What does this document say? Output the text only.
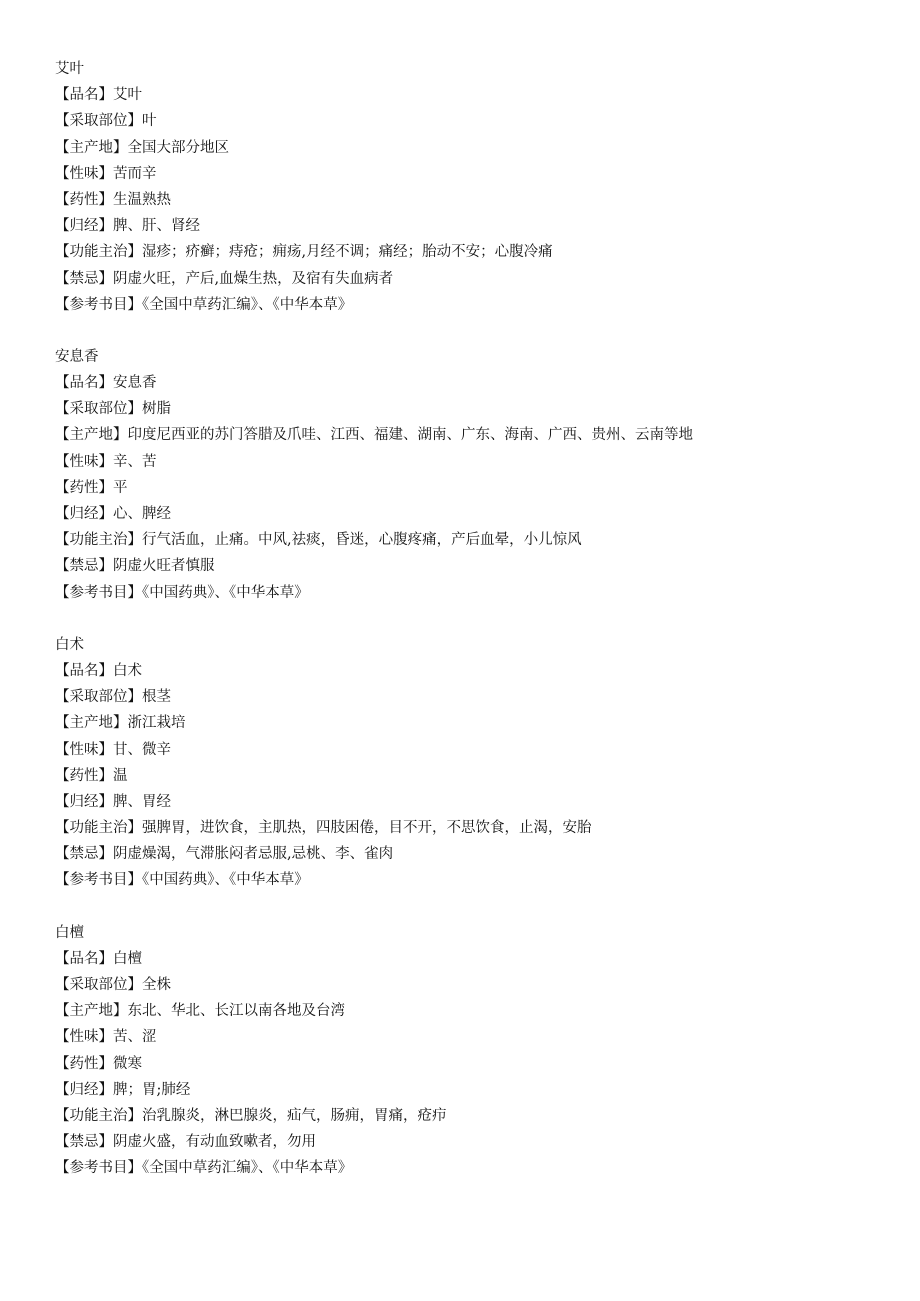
艾叶
【品名】艾叶
【采取部位】叶
【主产地】全国大部分地区
【性味】苦而辛
【药性】生温熟热
【归经】脾、肝、肾经
【功能主治】湿疹；疥癣；痔疮；痈疡,月经不调；痛经；胎动不安；心腹冷痛
【禁忌】阴虚火旺，产后,血燥生热，及宿有失血病者
【参考书目】《全国中草药汇编》、《中华本草》
安息香
【品名】安息香
【采取部位】树脂
【主产地】印度尼西亚的苏门答腊及爪哇、江西、福建、湖南、广东、海南、广西、贵州、云南等地
【性味】辛、苦
【药性】平
【归经】心、脾经
【功能主治】行气活血，止痛。中风,祛痰，昏迷，心腹疼痛，产后血晕，小儿惊风
【禁忌】阴虚火旺者慎服
【参考书目】《中国药典》、《中华本草》
白术
【品名】白术
【采取部位】根茎
【主产地】浙江栽培
【性味】甘、微辛
【药性】温
【归经】脾、胃经
【功能主治】强脾胃，进饮食，主肌热，四肢困倦，目不开，不思饮食，止渴，安胎
【禁忌】阴虚燥渴，气滞胀闷者忌服,忌桃、李、雀肉
【参考书目】《中国药典》、《中华本草》
白檀
【品名】白檀
【采取部位】全株
【主产地】东北、华北、长江以南各地及台湾
【性味】苦、涩
【药性】微寒
【归经】脾；胃;肺经
【功能主治】治乳腺炎，淋巴腺炎，疝气，肠痈，胃痛，疮疖
【禁忌】阴虚火盛，有动血致嗽者，勿用
【参考书目】《全国中草药汇编》、《中华本草》
